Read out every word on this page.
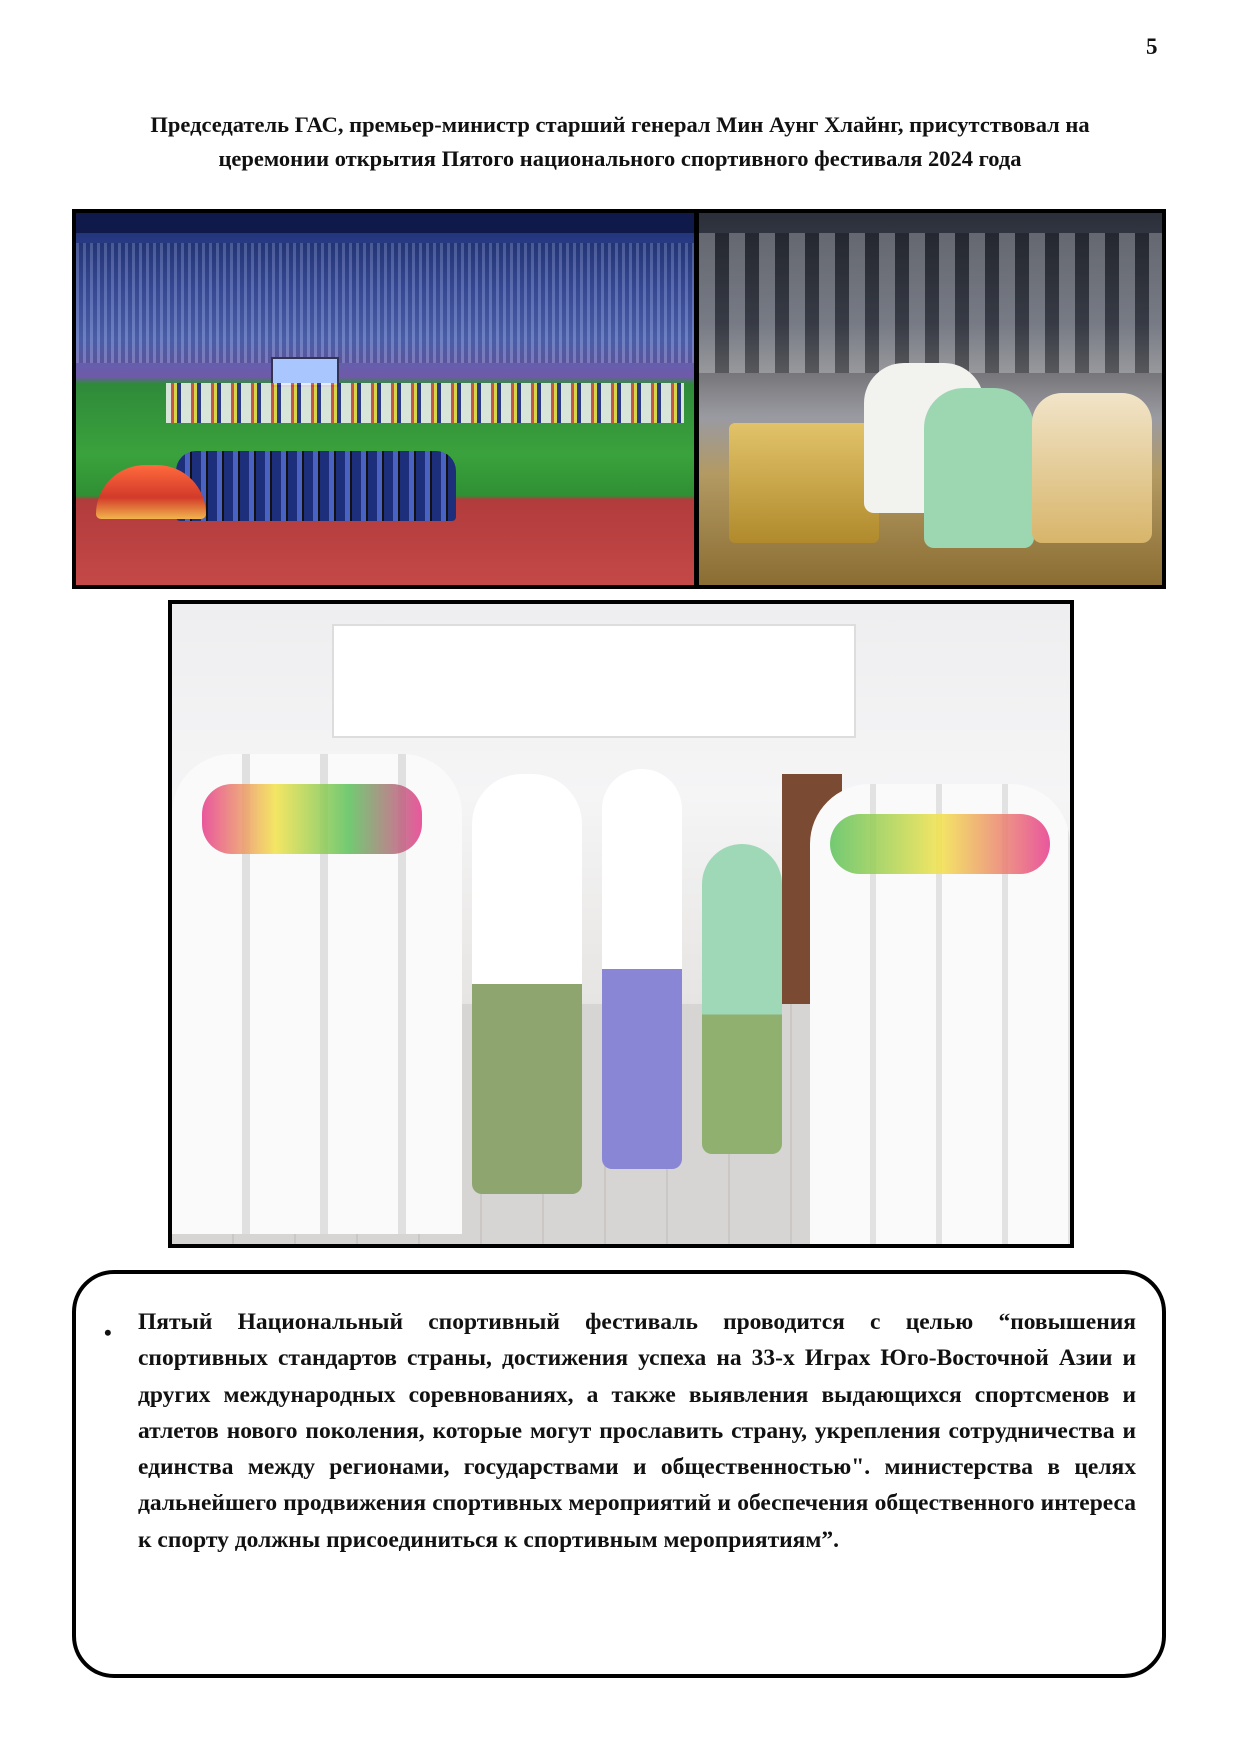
5
Председатель ГАС, премьер-министр старший генерал Мин Аунг Хлайнг, присутствовал на
церемонии открытия Пятого национального спортивного фестиваля 2024 года
• Пятый Национальный спортивный фестиваль проводится с целью “повышения спортивных стандартов страны, достижения успеха на 33-х Играх Юго-Восточной Азии и других международных соревнованиях, а также выявления выдающихся спортсменов и атлетов нового поколения, которые могут прославить страну, укрепления сотрудничества и единства между регионами, государствами и общественностью". министерства в целях дальнейшего продвижения спортивных мероприятий и обеспечения общественного интереса к спорту должны присоединиться к спортивным мероприятиям”.
